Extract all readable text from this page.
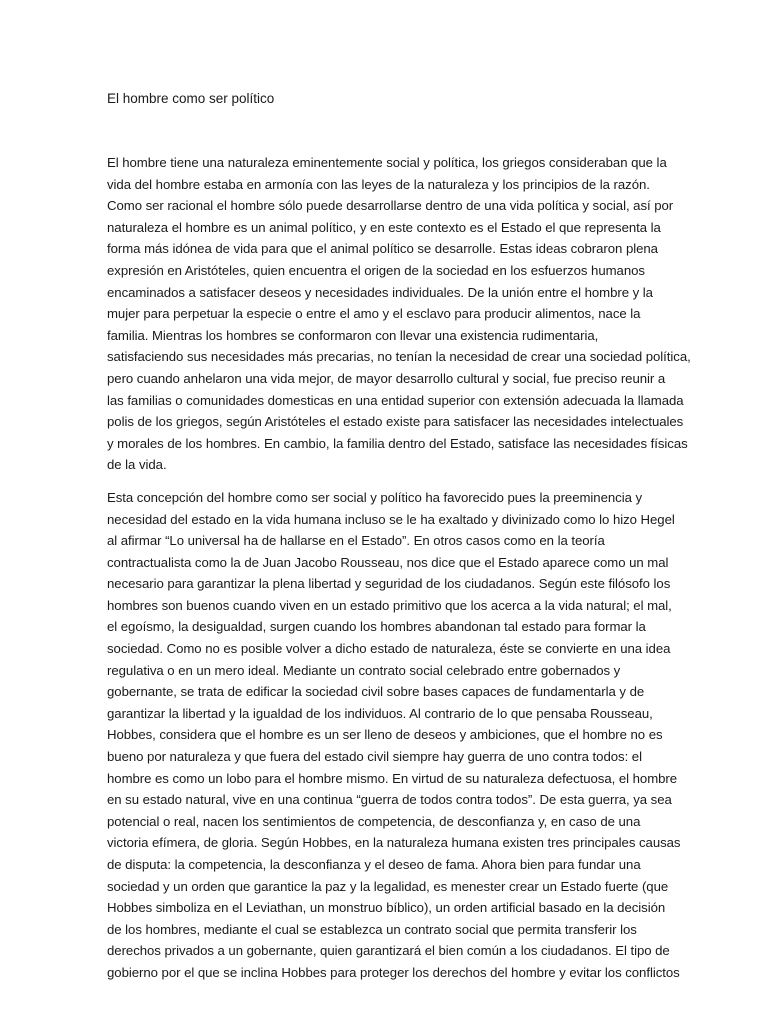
El hombre como ser político

El hombre tiene una naturaleza eminentemente social y política, los griegos consideraban que la
vida del hombre estaba en armonía con las leyes de la naturaleza y los principios de la razón.
Como ser racional el hombre sólo puede desarrollarse dentro de una vida política y social, así por
naturaleza el hombre es un animal político, y en este contexto es el Estado el que representa la
forma más idónea de vida para que el animal político se desarrolle. Estas ideas cobraron plena
expresión en Aristóteles, quien encuentra el origen de la sociedad en los esfuerzos humanos
encaminados a satisfacer deseos y necesidades individuales. De la unión entre el hombre y la
mujer para perpetuar la especie o entre el amo y el esclavo para producir alimentos, nace la
familia. Mientras los hombres se conformaron con llevar una existencia rudimentaria,
satisfaciendo sus necesidades más precarias, no tenían la necesidad de crear una sociedad política,
pero cuando anhelaron una vida mejor, de mayor desarrollo cultural y social, fue preciso reunir a
las familias o comunidades domesticas en una entidad superior con extensión adecuada la llamada
polis de los griegos, según Aristóteles el estado existe para satisfacer las necesidades intelectuales
y morales de los hombres. En cambio, la familia dentro del Estado, satisface las necesidades físicas
de la vida.

Esta concepción del hombre como ser social y político ha favorecido pues la preeminencia y
necesidad del estado en la vida humana incluso se le ha exaltado y divinizado como lo hizo Hegel
al afirmar “Lo universal ha de hallarse en el Estado”. En otros casos como en la teoría
contractualista como la de Juan Jacobo Rousseau, nos dice que el Estado aparece como un mal
necesario para garantizar la plena libertad y seguridad de los ciudadanos. Según este filósofo los
hombres son buenos cuando viven en un estado primitivo que los acerca a la vida natural; el mal,
el egoísmo, la desigualdad, surgen cuando los hombres abandonan tal estado para formar la
sociedad. Como no es posible volver a dicho estado de naturaleza, éste se convierte en una idea
regulativa o en un mero ideal. Mediante un contrato social celebrado entre gobernados y
gobernante, se trata de edificar la sociedad civil sobre bases capaces de fundamentarla y de
garantizar la libertad y la igualdad de los individuos. Al contrario de lo que pensaba Rousseau,
Hobbes, considera que el hombre es un ser lleno de deseos y ambiciones, que el hombre no es
bueno por naturaleza y que fuera del estado civil siempre hay guerra de uno contra todos: el
hombre es como un lobo para el hombre mismo. En virtud de su naturaleza defectuosa, el hombre
en su estado natural, vive en una continua “guerra de todos contra todos”. De esta guerra, ya sea
potencial o real, nacen los sentimientos de competencia, de desconfianza y, en caso de una
victoria efímera, de gloria. Según Hobbes, en la naturaleza humana existen tres principales causas
de disputa: la competencia, la desconfianza y el deseo de fama. Ahora bien para fundar una
sociedad y un orden que garantice la paz y la legalidad, es menester crear un Estado fuerte (que
Hobbes simboliza en el Leviathan, un monstruo bíblico), un orden artificial basado en la decisión
de los hombres, mediante el cual se establezca un contrato social que permita transferir los
derechos privados a un gobernante, quien garantizará el bien común a los ciudadanos. El tipo de
gobierno por el que se inclina Hobbes para proteger los derechos del hombre y evitar los conflictos
